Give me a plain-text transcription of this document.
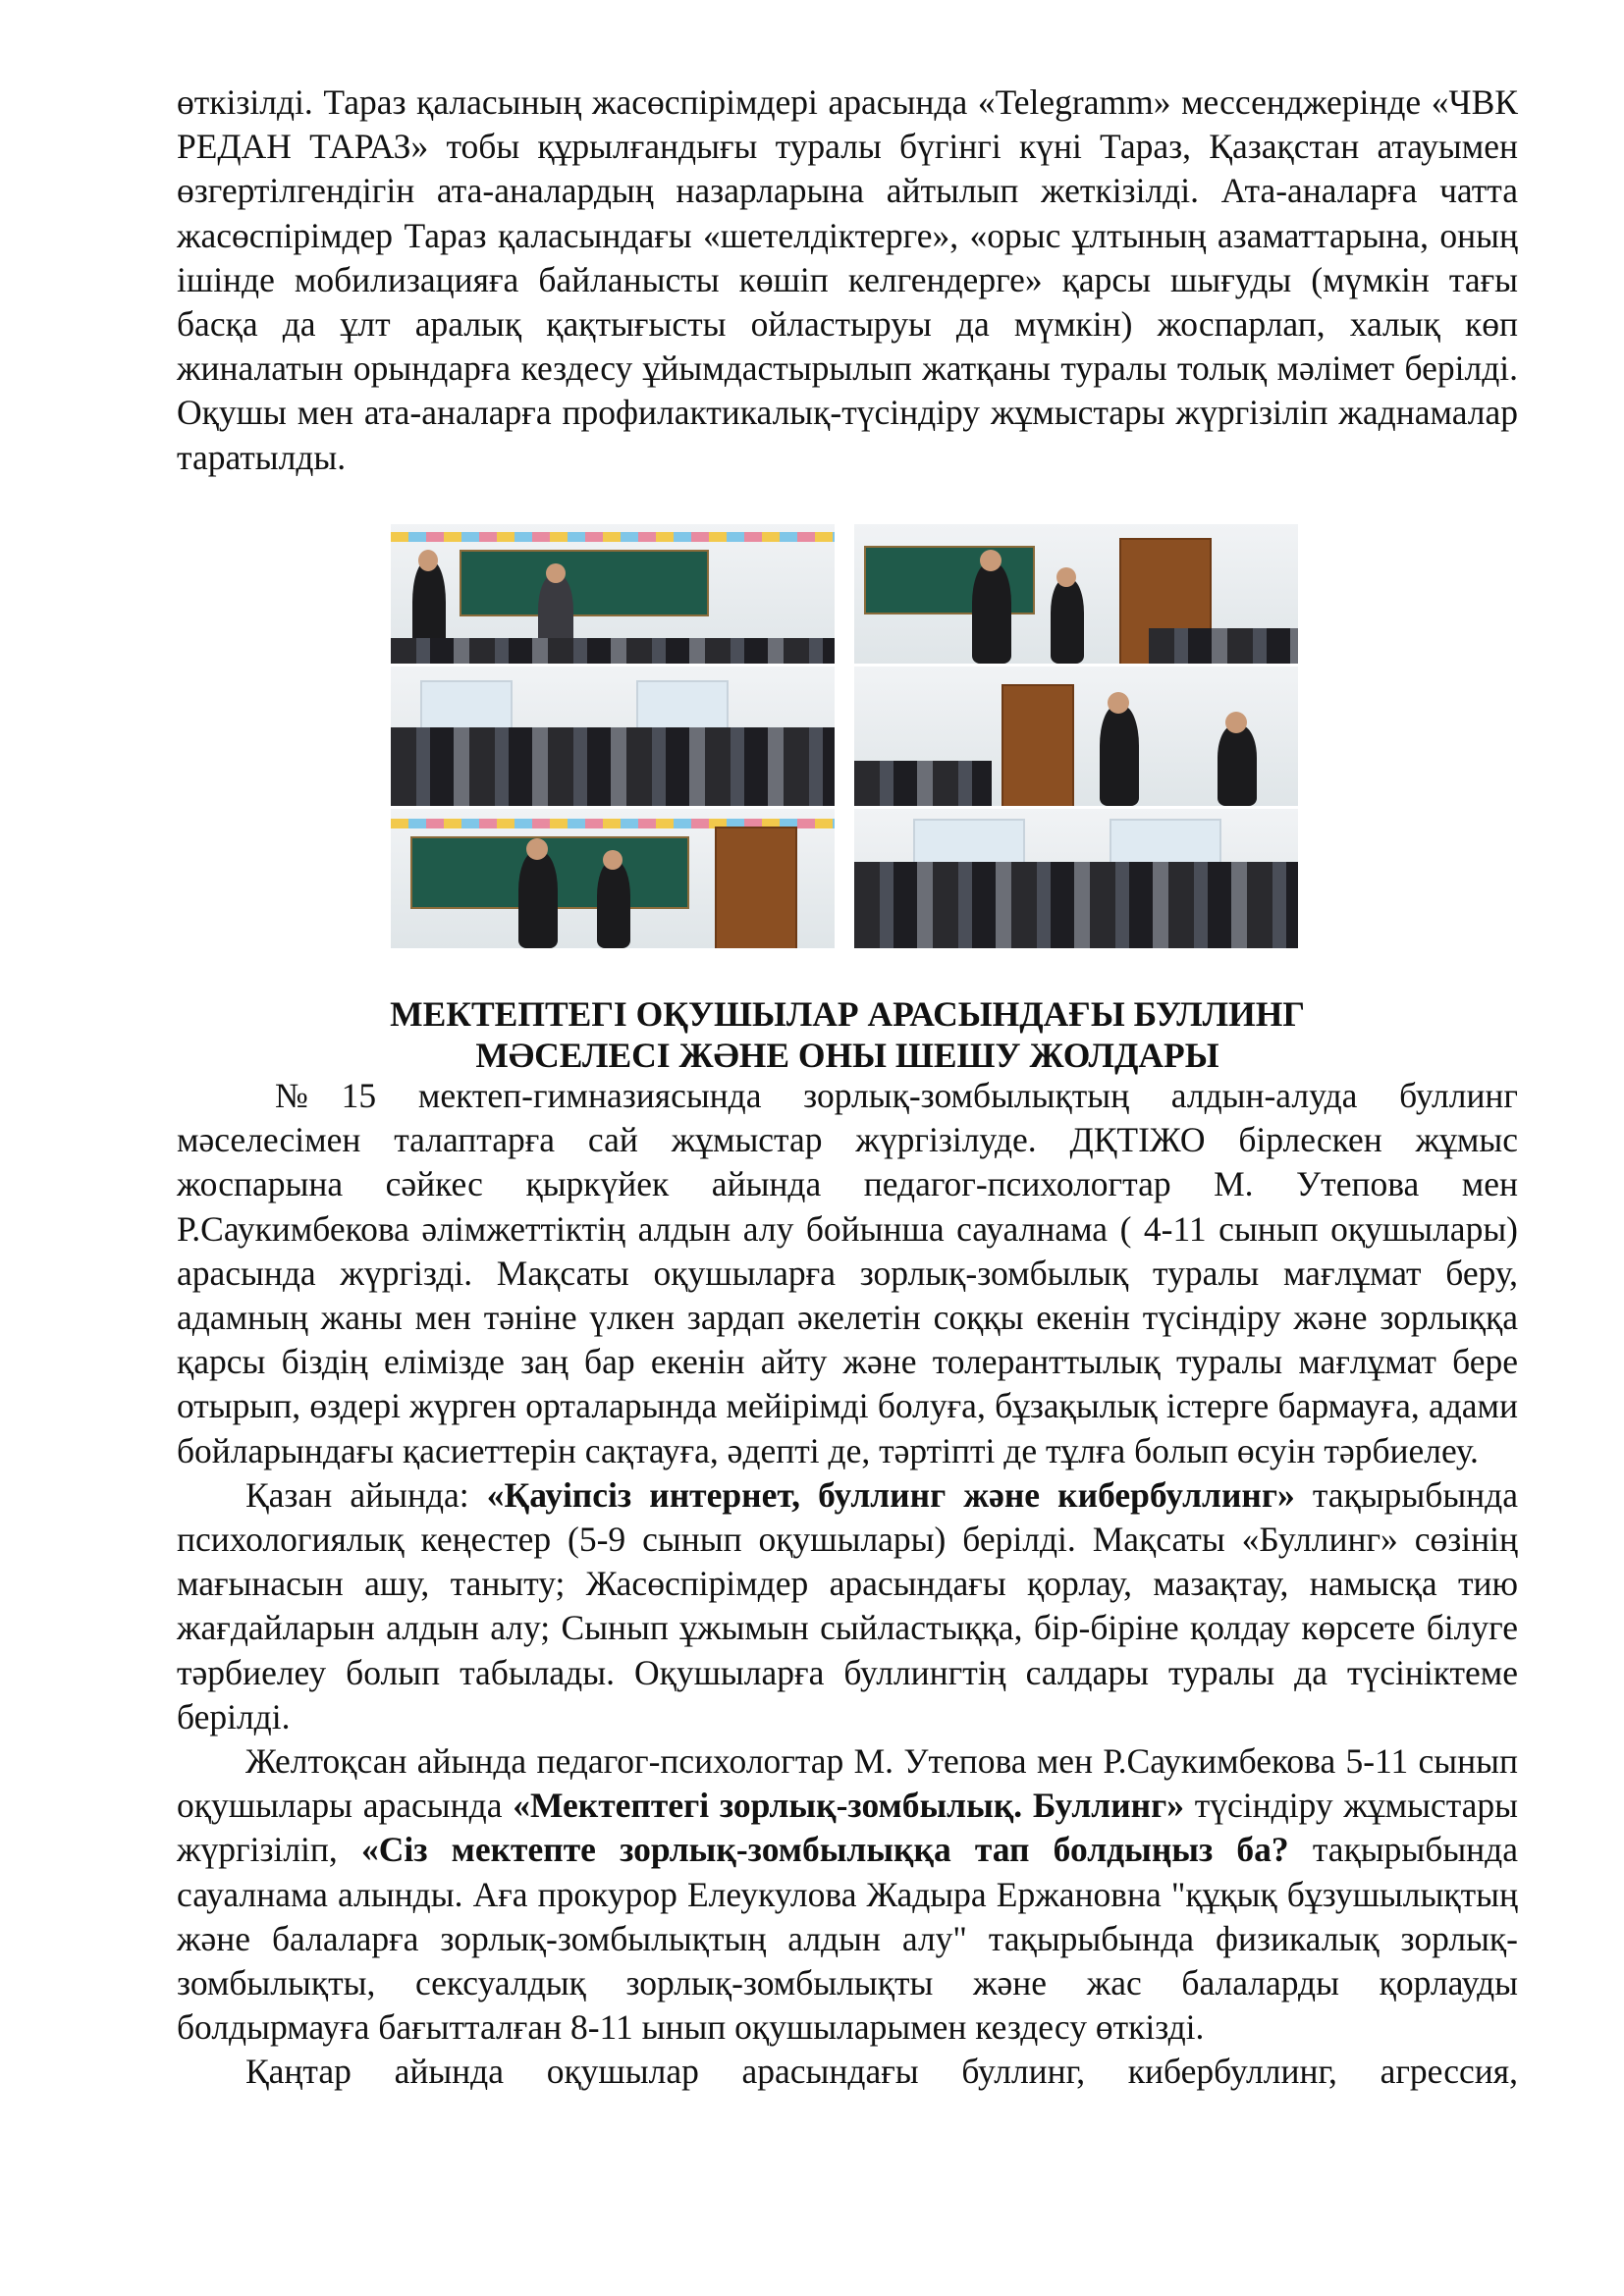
өткізілді. Тараз қаласының жасөспірімдері арасында «Telegramm» мессенджерінде «ЧВК РЕДАН ТАРАЗ» тобы құрылғандығы туралы бүгінгі күні Тараз, Қазақстан атауымен өзгертілгендігін ата-аналардың назарларына айтылып жеткізілді. Ата-аналарға чатта жасөспірімдер Тараз қаласындағы «шетелдіктерге», «орыс ұлтының азаматтарына, оның ішінде мобилизацияға байланысты көшіп келгендерге» қарсы шығуды (мүмкін тағы басқа да ұлт аралық қақтығысты ойластыруы да мүмкін) жоспарлап, халық көп жиналатын орындарға кездесу ұйымдастырылып жатқаны туралы толық мәлімет берілді. Оқушы мен ата-аналарға профилактикалық-түсіндіру жұмыстары жүргізіліп жаднамалар таратылды.

МЕКТЕПТЕГІ ОҚУШЫЛАР АРАСЫНДАҒЫ БУЛЛИНГ
МӘСЕЛЕСІ ЖӘНЕ ОНЫ ШЕШУ ЖОЛДАРЫ

№15 мектеп-гимназиясында зорлық-зомбылықтың алдын-алуда буллинг мәселесімен талаптарға сай жұмыстар жүргізілуде. ДҚТІЖО бірлескен жұмыс жоспарына сәйкес қыркүйек айында педагог-психологтар М. Утепова мен Р.Саукимбекова әлімжеттіктің алдын алу бойынша сауалнама ( 4-11 сынып оқушылары) арасында жүргізді. Мақсаты оқушыларға зорлық-зомбылық туралы мағлұмат беру, адамның жаны мен тәніне үлкен зардап әкелетін соққы екенін түсіндіру және зорлыққа қарсы біздің елімізде заң бар екенін айту және толеранттылық туралы мағлұмат бере отырып, өздері жүрген орталарында мейірімді болуға, бұзақылық істерге бармауға, адами бойларындағы қасиеттерін сақтауға, әдепті де, тәртіпті де тұлға болып өсуін тәрбиелеу.

Қазан айында: «Қауіпсіз интернет, буллинг және кибербуллинг» тақырыбында психологиялық кеңестер (5-9 сынып оқушылары) берілді. Мақсаты «Буллинг» сөзінің мағынасын ашу, таныту; Жасөспірімдер арасындағы қорлау, мазақтау, намысқа тию жағдайларын алдын алу; Сынып ұжымын сыйластыққа, бір-біріне қолдау көрсете білуге тәрбиелеу болып табылады. Оқушыларға буллингтің салдары туралы да түсініктеме берілді.

Желтоқсан айында педагог-психологтар М. Утепова мен Р.Саукимбекова 5-11 сынып оқушылары арасында «Мектептегі зорлық-зомбылық. Буллинг» түсіндіру жұмыстары жүргізіліп, «Сіз мектепте зорлық-зомбылыққа тап болдыңыз ба? тақырыбында сауалнама алынды. Аға прокурор Елеукулова Жадыра Ержановна "құқық бұзушылықтың және балаларға зорлық-зомбылықтың алдын алу" тақырыбында физикалық зорлық-зомбылықты, сексуалдық зорлық-зомбылықты және жас балаларды қорлауды болдырмауға бағытталған 8-11 ынып оқушыларымен кездесу өткізді.

Қаңтар айында оқушылар арасындағы буллинг, кибербуллинг, агрессия,
